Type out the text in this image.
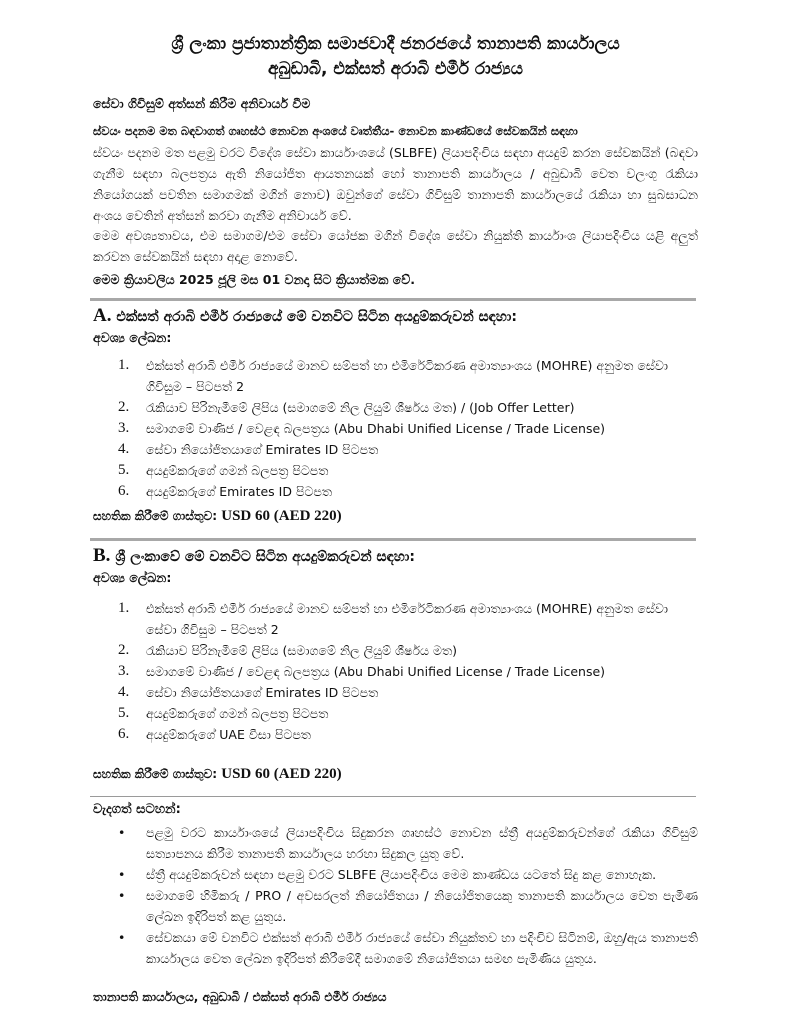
ශ්‍රී ලංකා ප්‍රජාතාන්ත්‍රික සමාජවාදී ජනරජයේ තානාපති කාර්යාලය
අබුඩාබි, එක්සත් අරාබි එමීර් රාජ්‍යය
සේවා ගිවිසුම් අත්සන් කිරීම අනිවාර්ය වීම
ස්වයං පදනම මත බඳවාගත් ගෘහස්ථ නොවන අංශයේ වෘත්තීය- නොවන කාණ්ඩයේ සේවකයින් සඳහා
ස්වයං පදනම මත පළමු වරට විදේශ සේවා කාර්යාංශයේ (SLBFE) ලියාපදිංචිය සඳහා අයදුම් කරන සේවකයින් (බඳවා ගැනීම සඳහා බලපත්‍රය ඇති නියෝජිත ආයතනයක් හෝ තානාපති කාර්යාලය / අබුඩාබි වෙත වලංගු රැකියා නියෝගයක් පවතින සමාගමක් මගින් නොව) ඔවුන්ගේ සේවා ගිවිසුම් තානාපති කාර්යාලයේ රැකියා හා සුබසාධන අංශය වෙතින් අත්සන් කරවා ගැනීම අනිවාර්ය වේ.
මෙම අවශ්‍යතාවය, එම සමාගම/එම සේවා යෝජක මගින් විදේශ සේවා නියුක්ති කාර්යාංශ ලියාපදිංචිය යළි අලුත් කරවන සේවකයින් සඳහා අදාළ නොවේ.
මෙම ක්‍රියාවලිය 2025 ජූලි මස 01 වනදා සිට ක්‍රියාත්මක වේ.
A. එක්සත් අරාබි එමීර් රාජ්‍යයේ මේ වනවිට සිටින අයදුම්කරුවන් සඳහා:
අවශ්‍ය ලේඛන:
1. එක්සත් අරාබි එමීර් රාජ්‍යයේ මානව සම්පත් හා එමිරේටිකරණ අමාත්‍යාංශය (MOHRE) අනුමත සේවා ගිවිසුම – පිටපත් 2
2. රැකියාව පිරිනැමීමේ ලිපිය (සමාගමේ නිල ලියුම් ශීර්ෂය මත) / (Job Offer Letter)
3. සමාගමේ වාණිජ / වෙළඳ බලපත්‍රය (Abu Dhabi Unified License / Trade License)
4. සේවා නියෝජිතයාගේ Emirates ID පිටපත
5. අයදුම්කරුගේ ගමන් බලපත්‍ර පිටපත
6. අයදුම්කරුගේ Emirates ID පිටපත
සහතික කිරීමේ ගාස්තුව: USD 60 (AED 220)
B. ශ්‍රී ලංකාවේ මේ වනවිට සිටින අයදුම්කරුවන් සඳහා:
අවශ්‍ය ලේඛන:
1. එක්සත් අරාබි එමීර් රාජ්‍යයේ මානව සම්පත් හා එමිරේටිකරණ අමාත්‍යාංශය (MOHRE) අනුමත සේවා සේවා ගිවිසුම – පිටපත් 2
2. රැකියාව පිරිනැමීමේ ලිපිය (සමාගමේ නිල ලියුම් ශීර්ෂය මත)
3. සමාගමේ වාණිජ / වෙළඳ බලපත්‍රය (Abu Dhabi Unified License / Trade License)
4. සේවා නියෝජිතයාගේ Emirates ID පිටපත
5. අයදුම්කරුගේ ගමන් බලපත්‍ර පිටපත
6. අයදුම්කරුගේ UAE වීසා පිටපත
සහතික කිරීමේ ගාස්තුව: USD 60 (AED 220)
වැදගත් සටහන්:
• පළමු වරට කාර්යාංශයේ ලියාපදිංචිය සිදුකරන ගෘහස්ථ නොවන ස්ත්‍රී අයදුම්කරුවන්ගේ රැකියා ගිවිසුම් සත්‍යාපනය කිරීම තානාපති කාර්යාලය හරහා සිදුකල යුතු වේ.
• ස්ත්‍රී අයදුම්කරුවන් සඳහා පළමු වරට SLBFE ලියාපදිංචිය මෙම කාණ්ඩය යටතේ සිදු කළ නොහැක.
• සමාගමේ හිමිකරු / PRO / අවසරලත් නියෝජිතයා / නියෝජිතයෙකු තානාපති කාර්යාලය වෙත පැමිණ ලේඛන ඉදිරිපත් කළ යුතුය.
• සේවකයා මේ වනවිට එක්සත් අරාබි එමීර් රාජ්‍යයේ සේවා නියුක්තව හා පදිංචිව සිටිනම්, ඔහු/ඇය තානාපති කාර්යාලය වෙත ලේඛන ඉදිරිපත් කිරීමේදී සමාගමේ නියෝජිතයා සමඟ පැමිණිය යුතුය.
තානාපති කාර්යාලය, අබුඩාබි / එක්සත් අරාබි එමීර් රාජ්‍යය
